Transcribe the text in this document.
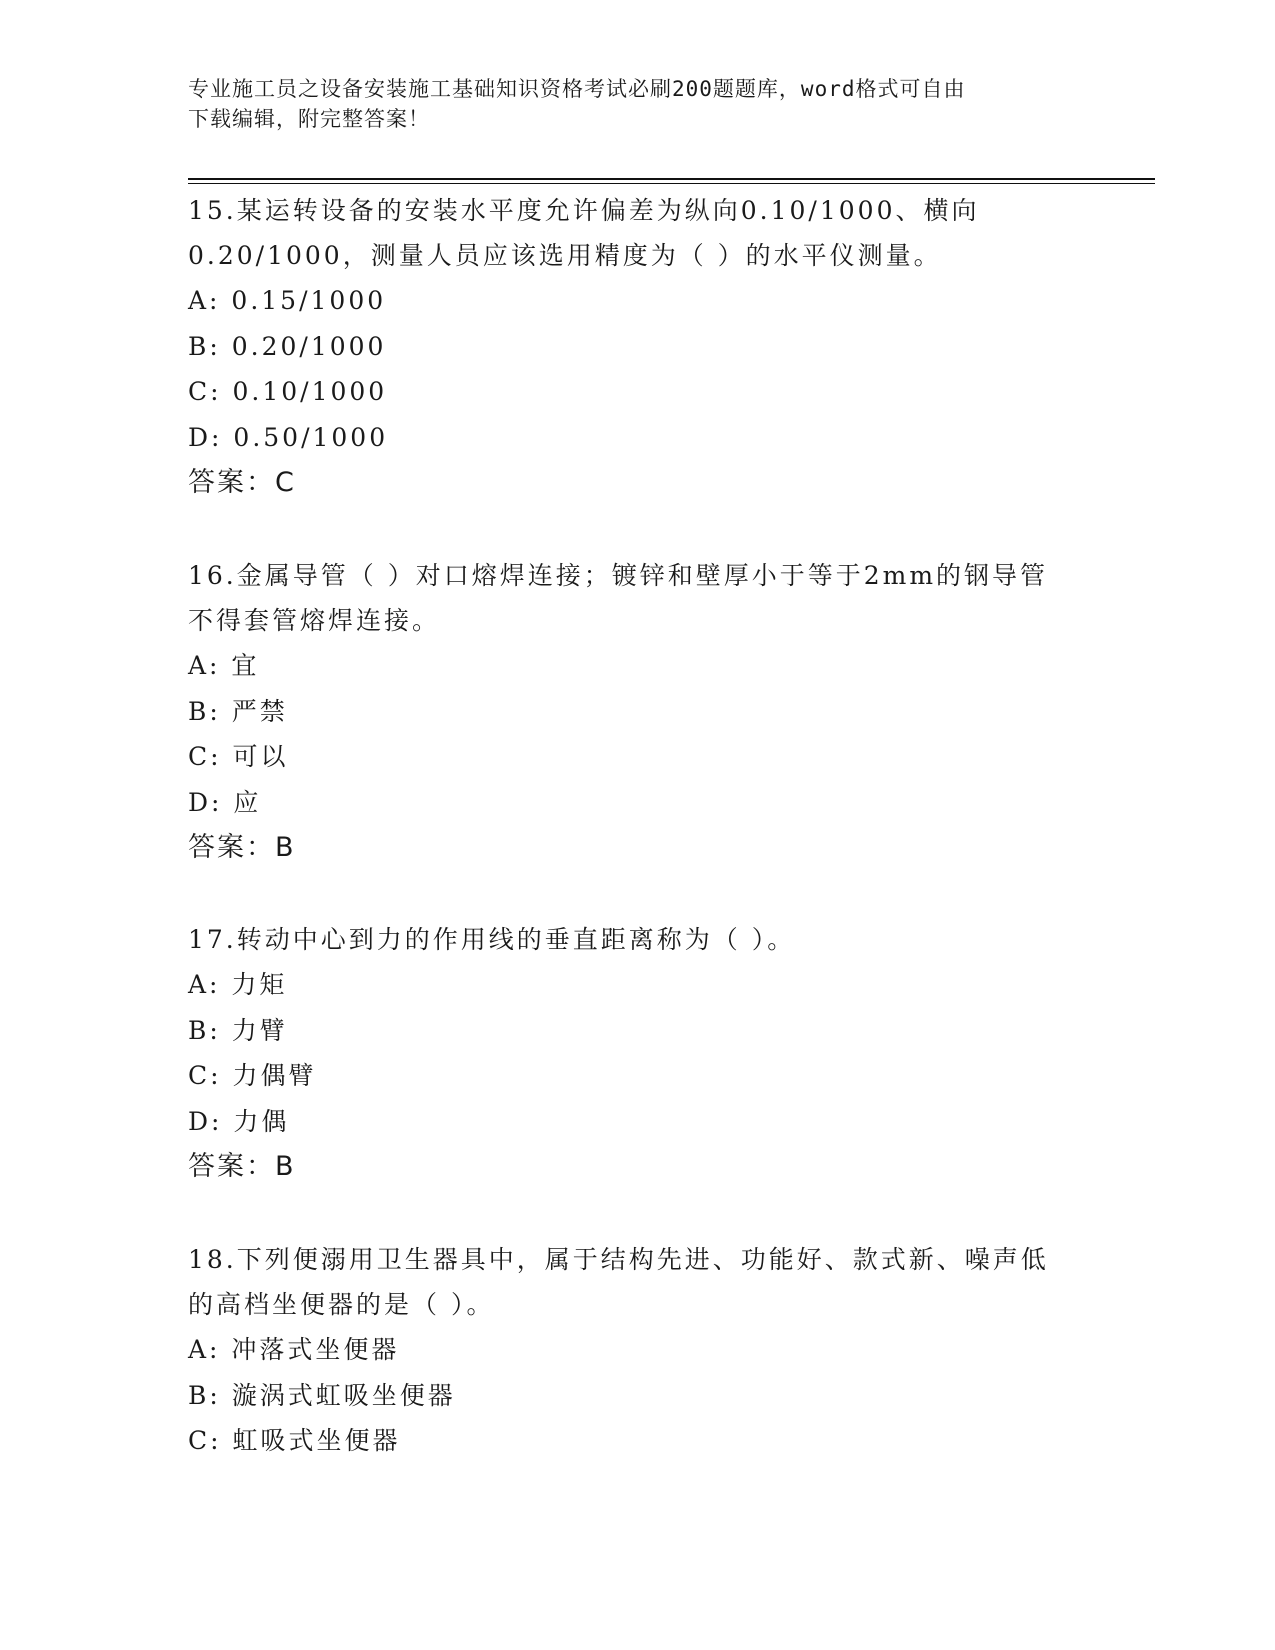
专业施工员之设备安装施工基础知识资格考试必刷200题题库，word格式可自由
下载编辑，附完整答案！
15.某运转设备的安装水平度允许偏差为纵向0.10/1000、横向
0.20/1000，测量人员应该选用精度为（ ）的水平仪测量。
A: 0.15/1000
B: 0.20/1000
C: 0.10/1000
D: 0.50/1000
答案：C
16.金属导管（ ）对口熔焊连接；镀锌和壁厚小于等于2mm的钢导管
不得套管熔焊连接。
A: 宜
B: 严禁
C: 可以
D: 应
答案：B
17.转动中心到力的作用线的垂直距离称为（ ）。
A: 力矩
B: 力臂
C: 力偶臂
D: 力偶
答案：B
18.下列便溺用卫生器具中，属于结构先进、功能好、款式新、噪声低
的高档坐便器的是（ ）。
A: 冲落式坐便器
B: 漩涡式虹吸坐便器
C: 虹吸式坐便器
